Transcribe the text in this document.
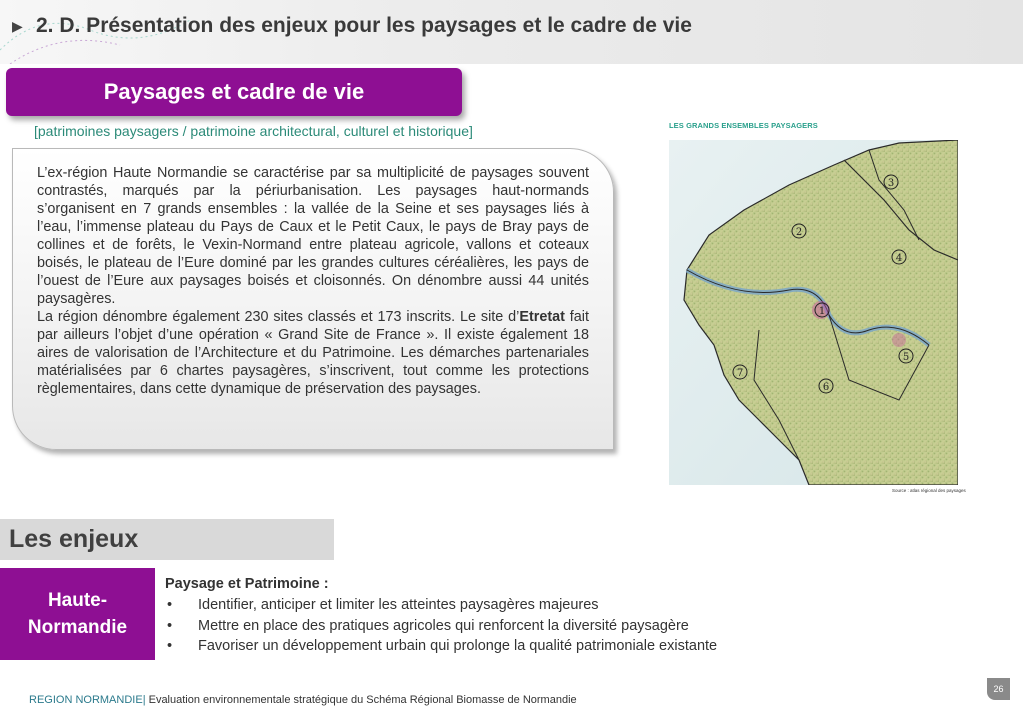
▶ 2. D. Présentation des enjeux pour les paysages et le cadre de vie
Paysages et cadre de vie
[patrimoines paysagers / patrimoine architectural, culturel et historique]

L’ex-région Haute Normandie se caractérise par sa multiplicité de paysages souvent contrastés, marqués par la périurbanisation. Les paysages haut-normands s’organisent en 7 grands ensembles : la vallée de la Seine et ses paysages liés à l’eau, l’immense plateau du Pays de Caux et le Petit Caux, le pays de Bray pays de collines et de forêts, le Vexin-Normand entre plateau agricole, vallons et coteaux boisés, le plateau de l’Eure dominé par les grandes cultures céréalières, les pays de l’ouest de l’Eure aux paysages boisés et cloisonnés. On dénombre aussi 44 unités paysagères.

La région dénombre également 230 sites classés et 173 inscrits. Le site d’Etretat fait par ailleurs l’objet d’une opération « Grand Site de France ». Il existe également 18 aires de valorisation de l’Architecture et du Patrimoine. Les démarches partenariales matérialisées par 6 chartes paysagères, s’inscrivent, tout comme les protections règlementaires, dans cette dynamique de préservation des paysages.

LES GRANDS ENSEMBLES PAYSAGERS
1
2
3
4
5
6
7
Source : atlas régional des paysages
Les enjeux
Haute-
Normandie
Paysage et Patrimoine :
• Identifier, anticiper et limiter les atteintes paysagères majeures
• Mettre en place des pratiques agricoles qui renforcent la diversité paysagère
• Favoriser un développement urbain qui prolonge la qualité patrimoniale existante
REGION NORMANDIE| Evaluation environnementale stratégique du Schéma Régional Biomasse de Normandie
26
